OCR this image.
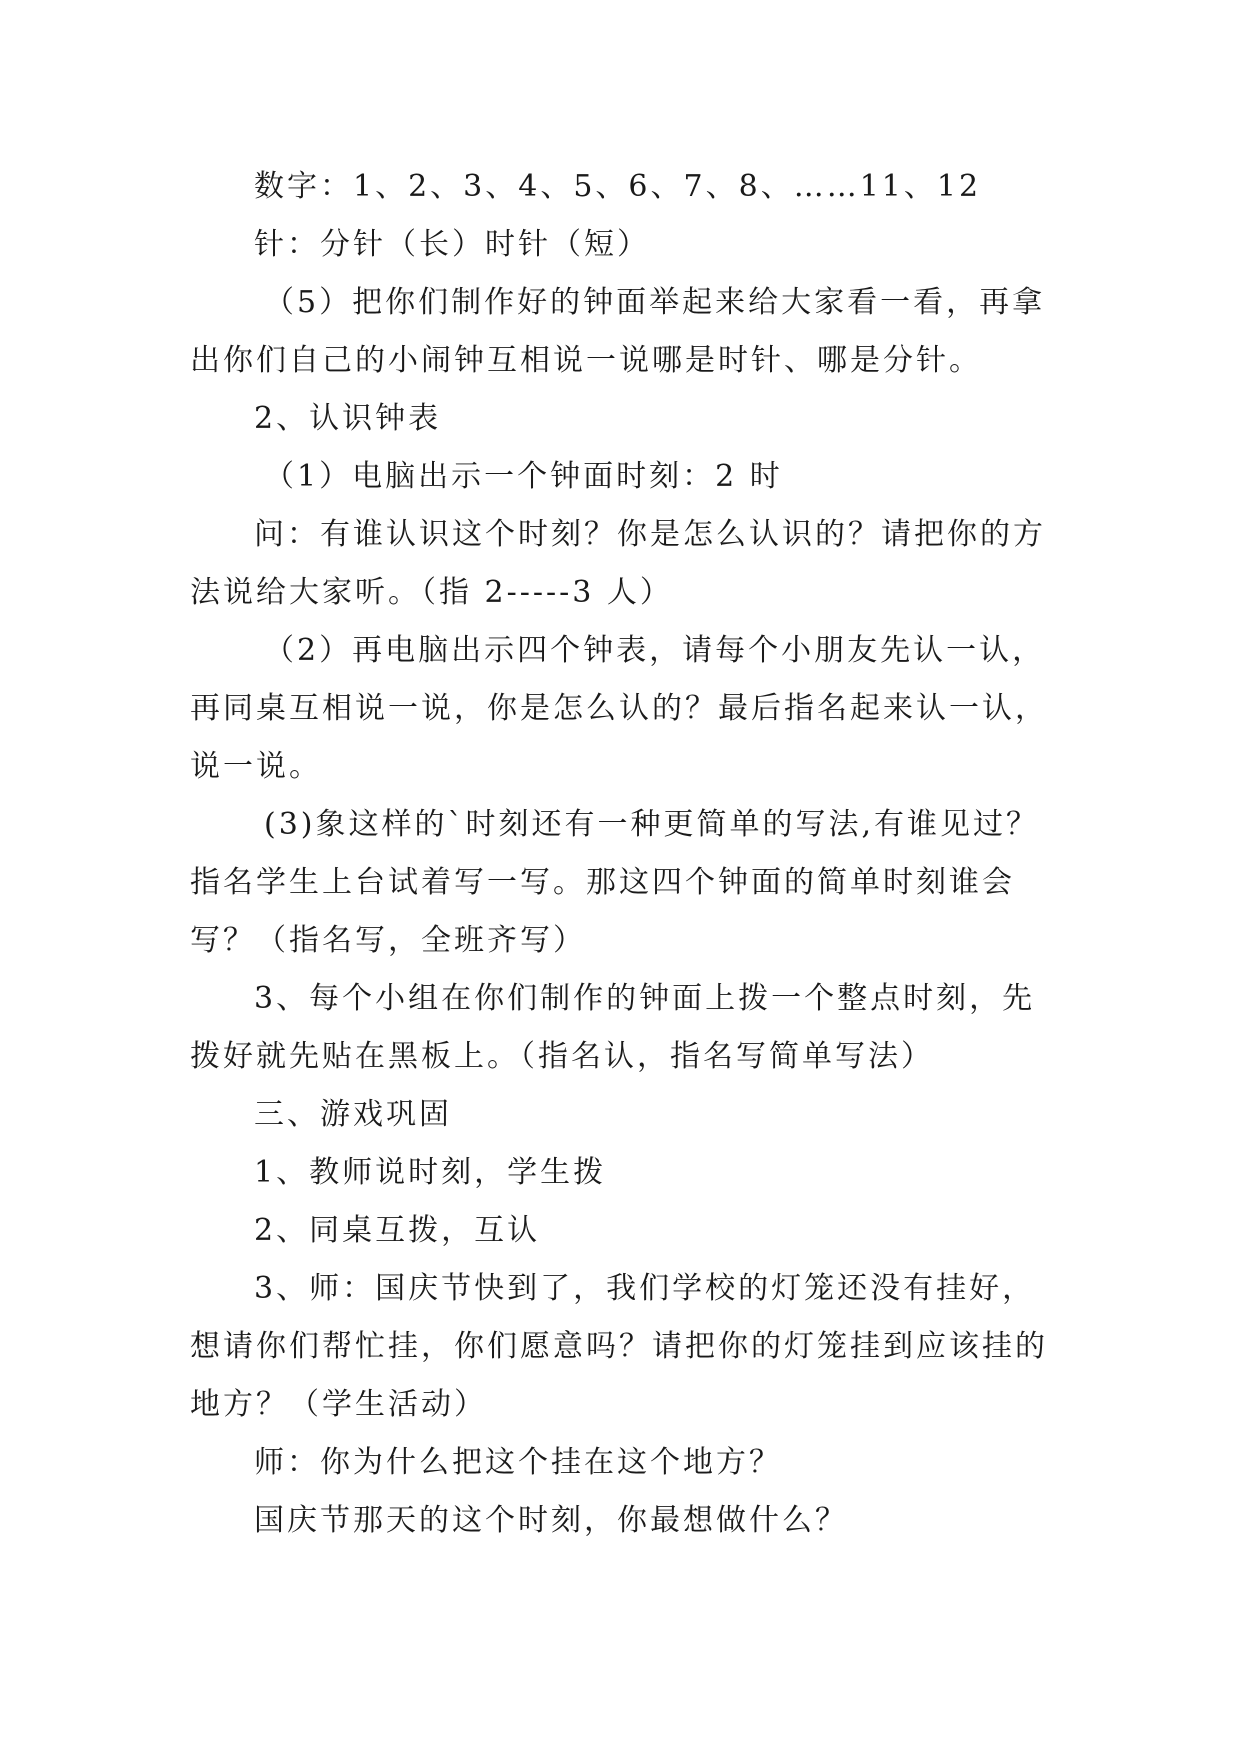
数字：1、2、3、4、5、6、7、8、……11、12

针：分针（长）时针（短）

（5）把你们制作好的钟面举起来给大家看一看，再拿

出你们自己的小闹钟互相说一说哪是时针、哪是分针。

2、认识钟表

（1）电脑出示一个钟面时刻：2 时

问：有谁认识这个时刻？你是怎么认识的？请把你的方

法说给大家听。（指 2-----3 人）

（2）再电脑出示四个钟表，请每个小朋友先认一认，

再同桌互相说一说，你是怎么认的？最后指名起来认一认，

说一说。

(3)象这样的`时刻还有一种更简单的写法,有谁见过？

指名学生上台试着写一写。那这四个钟面的简单时刻谁会

写？（指名写，全班齐写）

3、每个小组在你们制作的钟面上拨一个整点时刻，先

拨好就先贴在黑板上。（指名认，指名写简单写法）

三、游戏巩固

1、教师说时刻，学生拨

2、同桌互拨，互认

3、师：国庆节快到了，我们学校的灯笼还没有挂好，

想请你们帮忙挂，你们愿意吗？请把你的灯笼挂到应该挂的

地方？（学生活动）

师：你为什么把这个挂在这个地方？

国庆节那天的这个时刻，你最想做什么？
